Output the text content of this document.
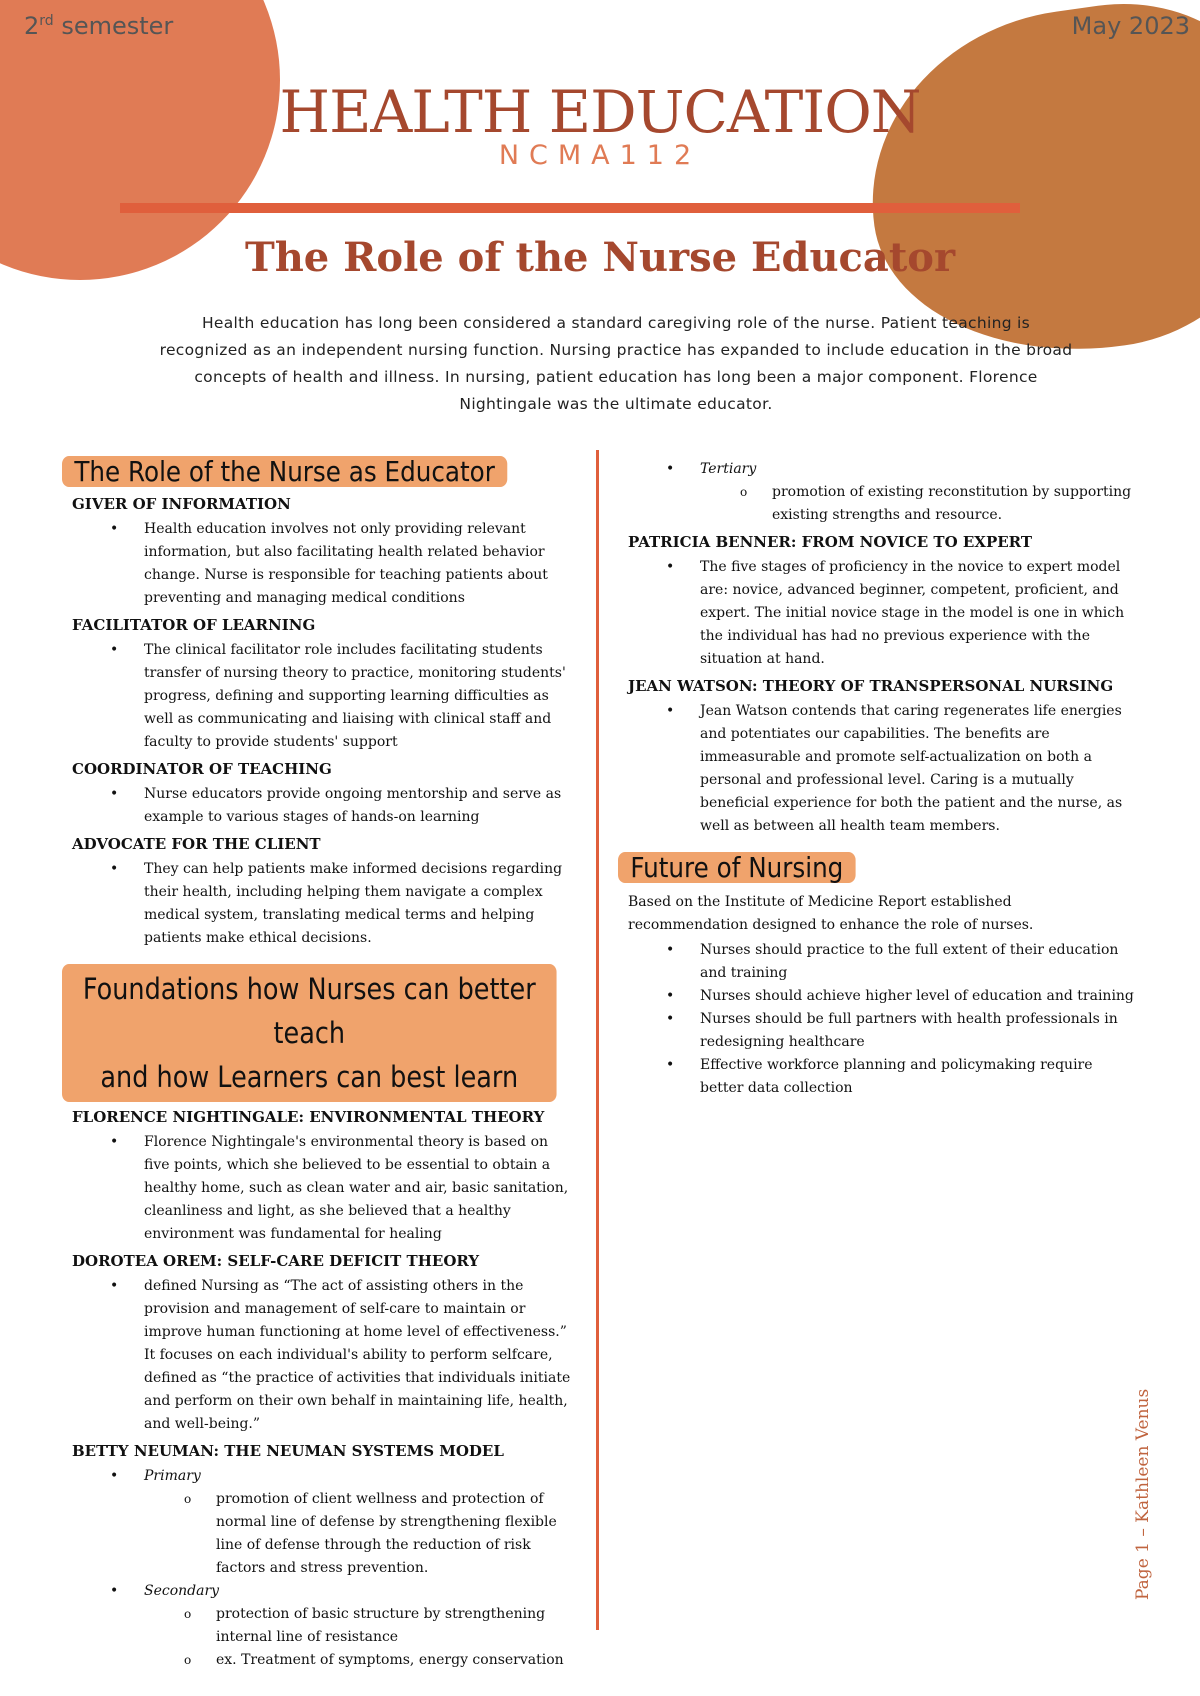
2rd semester	May 2023
HEALTH EDUCATION
NCMA112
The Role of the Nurse Educator
Health education has long been considered a standard caregiving role of the nurse. Patient teaching is recognized as an independent nursing function. Nursing practice has expanded to include education in the broad concepts of health and illness. In nursing, patient education has long been a major component. Florence Nightingale was the ultimate educator.
The Role of the Nurse as Educator
GIVER OF INFORMATION
• Health education involves not only providing relevant information, but also facilitating health related behavior change. Nurse is responsible for teaching patients about preventing and managing medical conditions
FACILITATOR OF LEARNING
• The clinical facilitator role includes facilitating students transfer of nursing theory to practice, monitoring students' progress, defining and supporting learning difficulties as well as communicating and liaising with clinical staff and faculty to provide students' support
COORDINATOR OF TEACHING
• Nurse educators provide ongoing mentorship and serve as example to various stages of hands-on learning
ADVOCATE FOR THE CLIENT
• They can help patients make informed decisions regarding their health, including helping them navigate a complex medical system, translating medical terms and helping patients make ethical decisions.
Foundations how Nurses can better teach
and how Learners can best learn
FLORENCE NIGHTINGALE: ENVIRONMENTAL THEORY
• Florence Nightingale's environmental theory is based on five points, which she believed to be essential to obtain a healthy home, such as clean water and air, basic sanitation, cleanliness and light, as she believed that a healthy environment was fundamental for healing
DOROTEA OREM: SELF-CARE DEFICIT THEORY
• defined Nursing as “The act of assisting others in the provision and management of self-care to maintain or improve human functioning at home level of effectiveness.” It focuses on each individual's ability to perform selfcare, defined as “the practice of activities that individuals initiate and perform on their own behalf in maintaining life, health, and well-being.”
BETTY NEUMAN: THE NEUMAN SYSTEMS MODEL
• Primary
o promotion of client wellness and protection of normal line of defense by strengthening flexible line of defense through the reduction of risk factors and stress prevention.
• Secondary
o protection of basic structure by strengthening internal line of resistance
o ex. Treatment of symptoms, energy conservation
• Tertiary
o promotion of existing reconstitution by supporting existing strengths and resource.
PATRICIA BENNER: FROM NOVICE TO EXPERT
• The five stages of proficiency in the novice to expert model are: novice, advanced beginner, competent, proficient, and expert. The initial novice stage in the model is one in which the individual has had no previous experience with the situation at hand.
JEAN WATSON: THEORY OF TRANSPERSONAL NURSING
• Jean Watson contends that caring regenerates life energies and potentiates our capabilities. The benefits are immeasurable and promote self-actualization on both a personal and professional level. Caring is a mutually beneficial experience for both the patient and the nurse, as well as between all health team members.
Future of Nursing

Based on the Institute of Medicine Report established recommendation designed to enhance the role of nurses.

• Nurses should practice to the full extent of their education and training
• Nurses should achieve higher level of education and training
• Nurses should be full partners with health professionals in redesigning healthcare
• Effective workforce planning and policymaking require better data collection
Page 1 – Kathleen Venus
